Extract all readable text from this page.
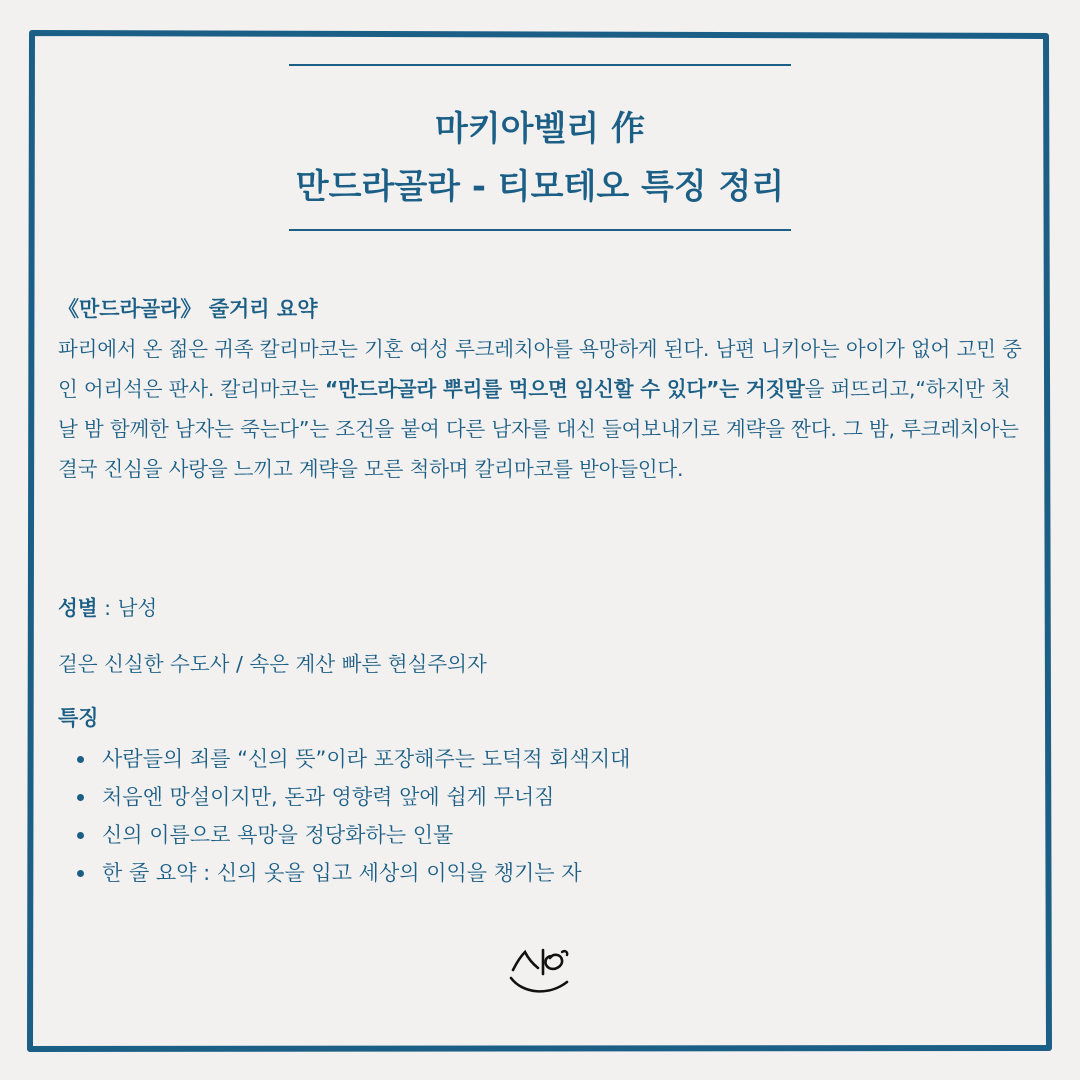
마키아벨리 作
만드라골라 - 티모테오 특징 정리
《만드라골라》 줄거리 요약
파리에서 온 젊은 귀족 칼리마코는 기혼 여성 루크레치아를 욕망하게 된다. 남편 니키아는 아이가 없어 고민 중인 어리석은 판사. 칼리마코는 “만드라골라 뿌리를 먹으면 임신할 수 있다”는 거짓말을 퍼뜨리고,“하지만 첫날 밤 함께한 남자는 죽는다”는 조건을 붙여 다른 남자를 대신 들여보내기로 계략을 짠다. 그 밤, 루크레치아는 결국 진심을 사랑을 느끼고 계략을 모른 척하며 칼리마코를 받아들인다.
성별 : 남성
겉은 신실한 수도사 / 속은 계산 빠른 현실주의자
특징
사람들의 죄를 “신의 뜻”이라 포장해주는 도덕적 회색지대
처음엔 망설이지만, 돈과 영향력 앞에 쉽게 무너짐
신의 이름으로 욕망을 정당화하는 인물
한 줄 요약 : 신의 옷을 입고 세상의 이익을 챙기는 자
